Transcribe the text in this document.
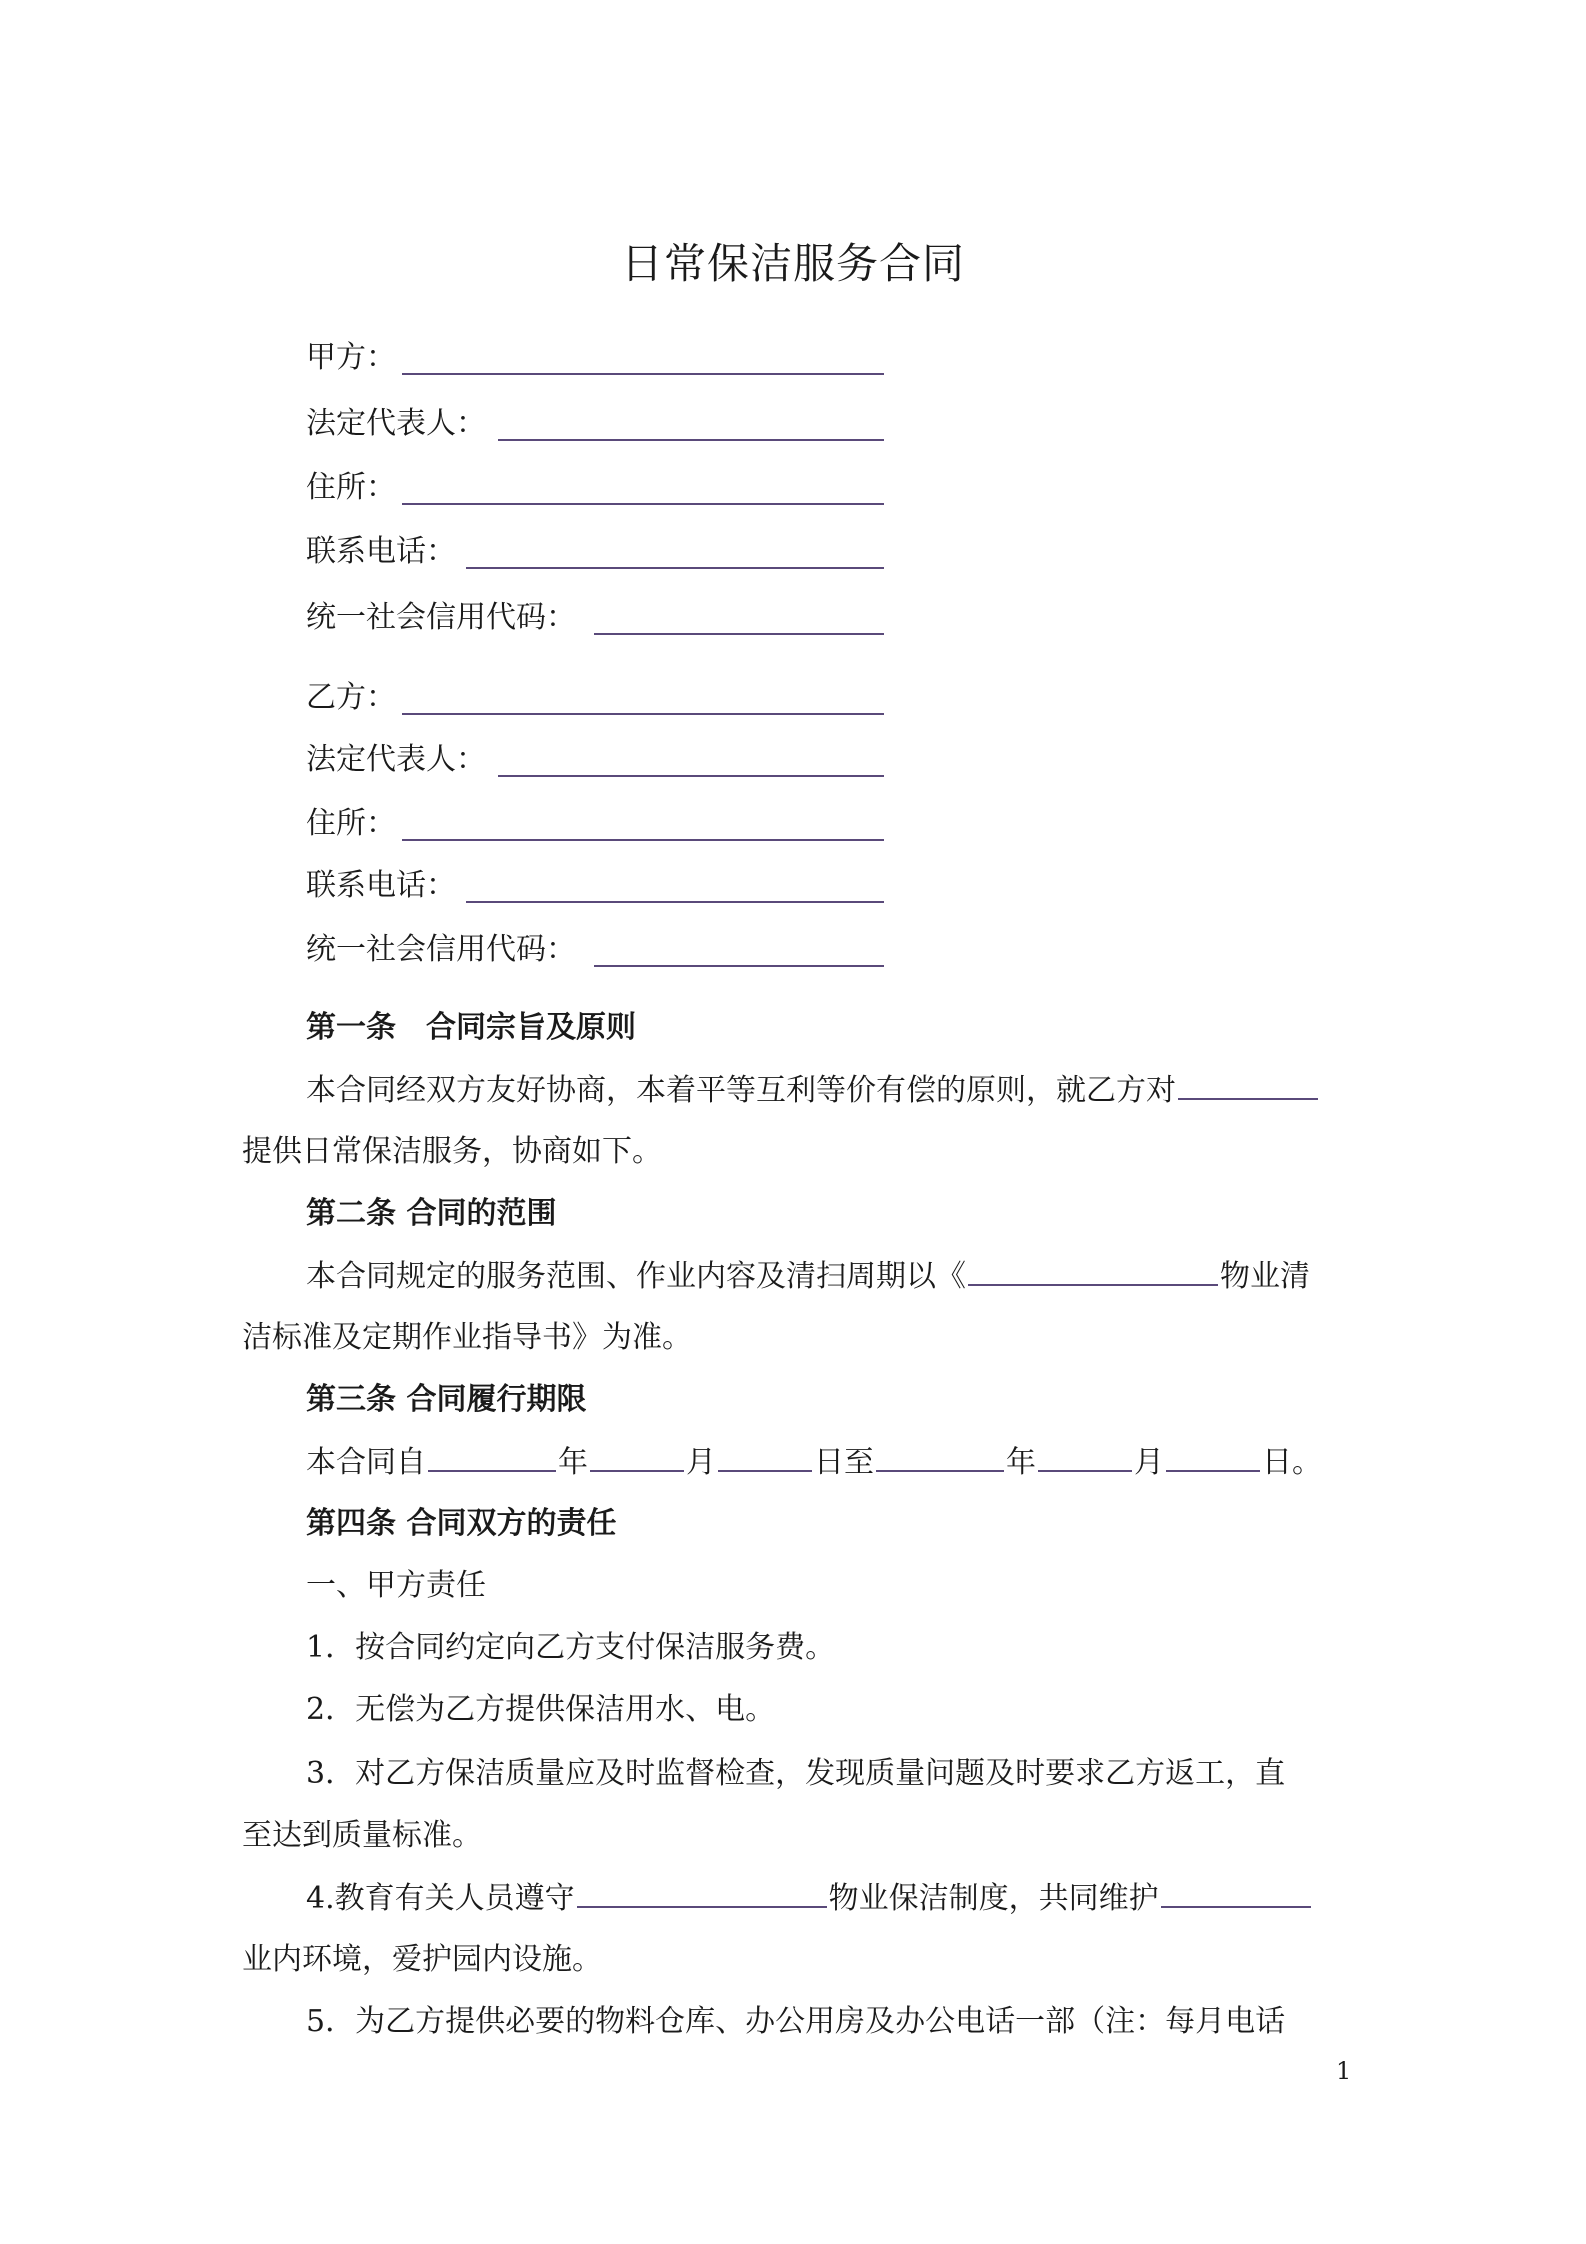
日常保洁服务合同
甲方：
法定代表人：
住所：
联系电话：
统一社会信用代码：
乙方：
法定代表人：
住所：
联系电话：
统一社会信用代码：
第一条　合同宗旨及原则
本合同经双方友好协商，本着平等互利等价有偿的原则，就乙方对
提供日常保洁服务，协商如下。
第二条 合同的范围
本合同规定的服务范围、作业内容及清扫周期以《	物业清
洁标准及定期作业指导书》为准。
第三条 合同履行期限
本合同自	年	月	日至	年	月	日。
第四条 合同双方的责任
一、甲方责任
1．按合同约定向乙方支付保洁服务费。
2．无偿为乙方提供保洁用水、电。
3．对乙方保洁质量应及时监督检查，发现质量问题及时要求乙方返工，直
至达到质量标准。
4.教育有关人员遵守	物业保洁制度，共同维护
业内环境，爱护园内设施。
5．为乙方提供必要的物料仓库、办公用房及办公电话一部（注：每月电话
1
